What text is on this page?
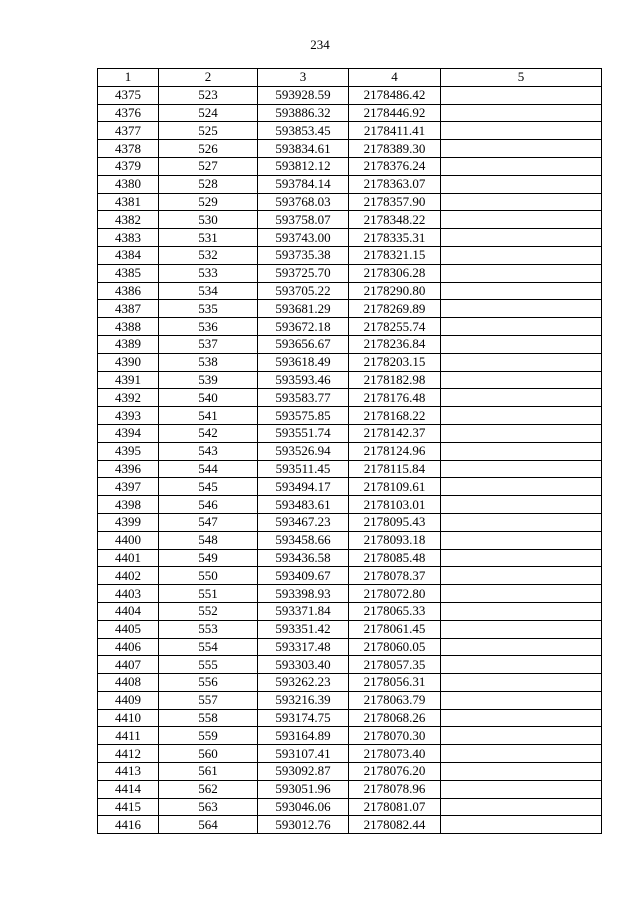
234
1	2	3	4	5
4375	523	593928.59	2178486.42	
4376	524	593886.32	2178446.92	
4377	525	593853.45	2178411.41	
4378	526	593834.61	2178389.30	
4379	527	593812.12	2178376.24	
4380	528	593784.14	2178363.07	
4381	529	593768.03	2178357.90	
4382	530	593758.07	2178348.22	
4383	531	593743.00	2178335.31	
4384	532	593735.38	2178321.15	
4385	533	593725.70	2178306.28	
4386	534	593705.22	2178290.80	
4387	535	593681.29	2178269.89	
4388	536	593672.18	2178255.74	
4389	537	593656.67	2178236.84	
4390	538	593618.49	2178203.15	
4391	539	593593.46	2178182.98	
4392	540	593583.77	2178176.48	
4393	541	593575.85	2178168.22	
4394	542	593551.74	2178142.37	
4395	543	593526.94	2178124.96	
4396	544	593511.45	2178115.84	
4397	545	593494.17	2178109.61	
4398	546	593483.61	2178103.01	
4399	547	593467.23	2178095.43	
4400	548	593458.66	2178093.18	
4401	549	593436.58	2178085.48	
4402	550	593409.67	2178078.37	
4403	551	593398.93	2178072.80	
4404	552	593371.84	2178065.33	
4405	553	593351.42	2178061.45	
4406	554	593317.48	2178060.05	
4407	555	593303.40	2178057.35	
4408	556	593262.23	2178056.31	
4409	557	593216.39	2178063.79	
4410	558	593174.75	2178068.26	
4411	559	593164.89	2178070.30	
4412	560	593107.41	2178073.40	
4413	561	593092.87	2178076.20	
4414	562	593051.96	2178078.96	
4415	563	593046.06	2178081.07	
4416	564	593012.76	2178082.44	
